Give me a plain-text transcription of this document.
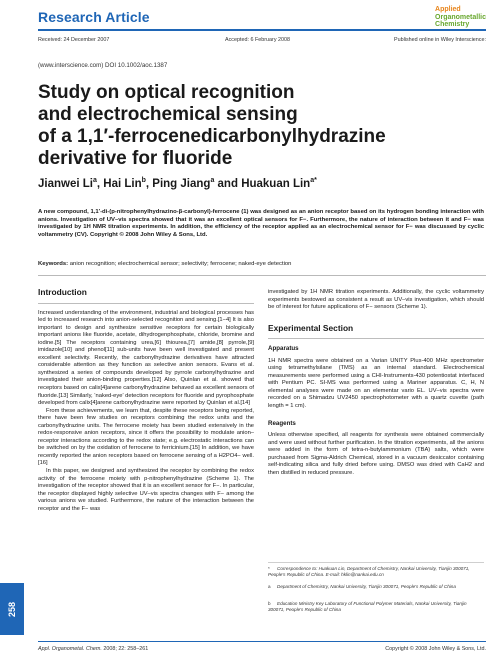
Research Article	Applied
Organometallic
Chemistry
Received: 24 December 2007	Accepted: 6 February 2008	Published online in Wiley Interscience:
(www.interscience.com) DOI 10.1002/aoc.1387
Study on optical recognition
and electrochemical sensing
of a 1,1′-ferrocenedicarbonylhydrazine
derivative for fluoride
Jianwei Li$^a$, Hai Lin$^b$, Ping Jiang$^a$ and Huakuan Lin$^{a*}$
A new compound, 1,1′-di-(p-nitrophenylhydrazino-β-carbonyl)-ferrocene (1) was designed as an anion receptor based on its hydrogen bonding interaction with anions. Investigation of UV–vis spectra showed that it was an excellent optical sensors for F−. Furthermore, the nature of interaction between it and F− was investigated by 1H NMR titration experiments. In addition, the efficiency of the receptor applied as an electrochemical sensor for F− was discussed by cyclic voltammetry (CV). Copyright © 2008 John Wiley & Sons, Ltd.
Keywords: anion recognition; electrochemical sensor; selectivity; ferrocene; naked-eye detection
Introduction

Increased understanding of the environment, industrial and biological processes has led to increased research into anion-selected recognition and sensing.[1−4] It is also important to design and synthesize sensitive receptors for certain biologically important anions like fluoride, acetate, dihydrogenphosphate, chloride, bromine and iodine.[5] The receptors containing urea,[6] thiourea,[7] amide,[8] pyrrole,[9] imidazole[10] and phenol[11] sub-units have been well investigated and present excellent selectivity. Recently, the carbonylhydrazine derivatives have attracted considerable attention as they function as selective anion sensors. Evans et al. synthesized a series of compounds developed by pyrrole carbonylhydrazine and investigated their anion-binding properties.[12] Also, Quinlan et al. showed that receptors based on calix[4]arene carbonylhydrazine behaved as excellent sensors of fluoride.[13] Similarly, ‘naked-eye’ detection receptors for fluoride and pyrophosphate developed from calix[4]arene carbonylhydrazine were reported by Quinlan et al.[14]

From these achievements, we learn that, despite these receptors being reported, there have been few studies on receptors combining the redox units and the carbonylhydrazine units. The ferrocene moiety has been studied extensively in the redox-responsive anion receptors, since it offers the possibility to modulate anion–receptor interactions according to the redox state; e.g. electrostatic interactions can be switched on by the oxidation of ferrocene to ferricinium.[15] In addition, we have recently reported the anion receptors based on ferrocene sensing of a H2PO4− well.[16]

In this paper, we designed and synthesized the receptor by combining the redox activity of the ferrocene moiety with p-nitrophenylhydrazine (Scheme 1). The investigation of the receptor showed that it is an excellent sensor for F−. In particular, the receptor displayed highly selective UV–vis spectra changes with F− among the various anions we studied. Furthermore, the nature of the interaction between the receptor and the F− was

investigated by 1H NMR titration experiments. Additionally, the cyclic voltammetry experiments bestowed as consistent a result as UV–vis investigation, which should be of interest for future applications of F− sensors (Scheme 1).

Experimental Section
Apparatus

1H NMR spectra were obtained on a Varian UNITY Plus-400 MHz spectrometer using tetramethylsilane (TMS) as an internal standard. Electrochemical measurements were performed using a CHI-Instruments-430 potentiostat interfaced with Pentium PC. SI-MS was performed using a Mariner apparatus. C, H, N elemental analyses were made on an elementar vario EL. UV–vis spectra were recorded on a Shimadzu UV2450 spectrophotometer with a quartz cuvette (path length = 1 cm).

Reagents

Unless otherwise specified, all reagents for synthesis were obtained commercially and were used without further purification. In the titration experiments, all the anions were added in the form of tetra-n-butylammonium (TBA) salts, which were purchased from Sigma-Aldrich Chemical, stored in a vacuum desiccator containing self-indicating silica and fully dried before using. DMSO was dried with CaH2 and then distilled in reduced pressure.

* Correspondence to: Huakuan Lin, Department of Chemistry, Nankai University, Tianjin 300071, People's Republic of China. E-mail: hklin@nankai.edu.cn
a Department of Chemistry, Nankai University, Tianjin 300071, People's Republic of China
b Education Ministry Key Laboratory of Functional Polymer Materials, Nankai University, Tianjin 300071, People's Republic of China
258
Appl. Organometal. Chem. 2008; 22: 258–261	Copyright © 2008 John Wiley & Sons, Ltd.
